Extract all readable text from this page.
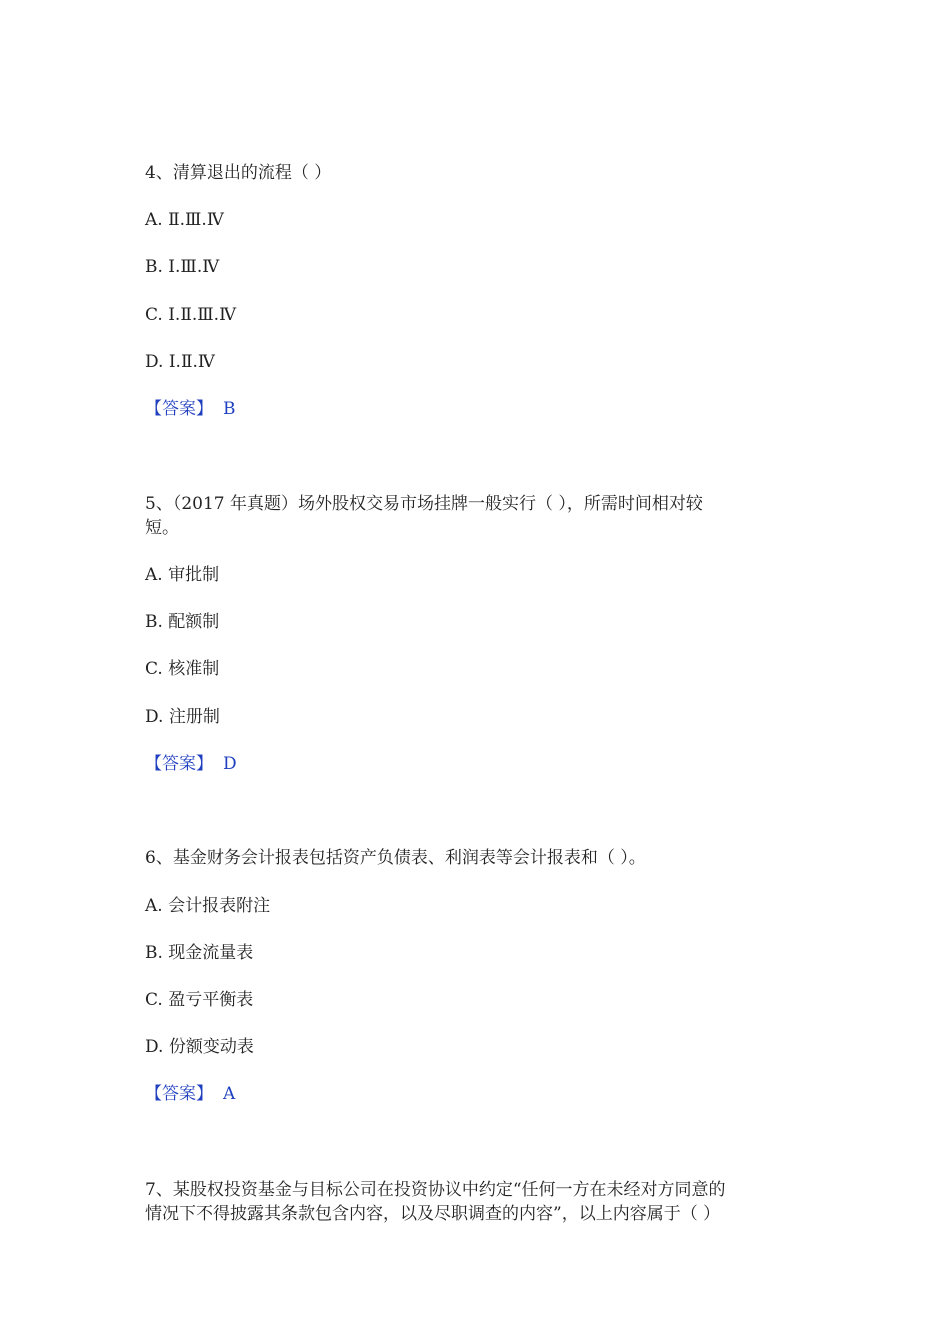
4、清算退出的流程（ ）
A. Ⅱ.Ⅲ.Ⅳ
B. Ⅰ.Ⅲ.Ⅳ
C. Ⅰ.Ⅱ.Ⅲ.Ⅳ
D. Ⅰ.Ⅱ.Ⅳ
【答案】 B
5、（2017 年真题）场外股权交易市场挂牌一般实行（ ），所需时间相对较
短。
A. 审批制
B. 配额制
C. 核准制
D. 注册制
【答案】 D
6、基金财务会计报表包括资产负债表、利润表等会计报表和（ ）。
A. 会计报表附注
B. 现金流量表
C. 盈亏平衡表
D. 份额变动表
【答案】 A
7、某股权投资基金与目标公司在投资协议中约定“任何一方在未经对方同意的
情况下不得披露其条款包含内容，以及尽职调查的内容”，以上内容属于（ ）
